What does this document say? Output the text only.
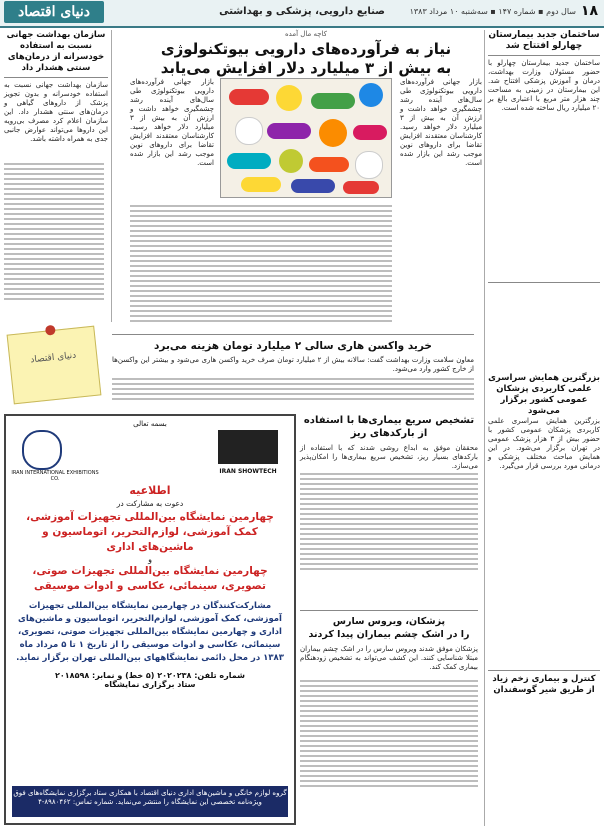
۱۸
سال دوم ▪ شماره ۱۴۷ ▪ سه‌شنبه ۱۰ مرداد ۱۳۸۳
صنایع دارویی، پزشکی و بهداشتی
دنیای اقتصاد
ساختمان جدید بیمارستان چهارلو افتتاح شد
ساختمان جدید بیمارستان چهارلو با حضور مسئولان وزارت بهداشت، درمان و آموزش پزشکی افتتاح شد. این بیمارستان در زمینی به مساحت چند هزار متر مربع با اعتباری بالغ بر ۲۰ میلیارد ریال ساخته شده است.
بزرگترین همایش سراسری علمی کاربردی پزشکان عمومی کشور برگزار می‌شود
بزرگترین همایش سراسری علمی کاربردی پزشکان عمومی کشور با حضور بیش از ۳ هزار پزشک عمومی در تهران برگزار می‌شود. در این همایش مباحث مختلف پزشکی و درمانی مورد بررسی قرار می‌گیرد.
کنترل و بیماری زخم زیاد از طریق شیر گوسفندان
کاچه مال آمده
نیاز به فرآورده‌های دارویی بیوتکنولوژی
به بیش از ۳ میلیارد دلار افزایش می‌یابد
بازار جهانی فرآورده‌های دارویی بیوتکنولوژی طی سال‌های آینده رشد چشمگیری خواهد داشت و ارزش آن به بیش از ۳ میلیارد دلار خواهد رسید. کارشناسان معتقدند افزایش تقاضا برای داروهای نوین موجب رشد این بازار شده است.
بازار جهانی فرآورده‌های دارویی بیوتکنولوژی طی سال‌های آینده رشد چشمگیری خواهد داشت و ارزش آن به بیش از ۳ میلیارد دلار خواهد رسید. کارشناسان معتقدند افزایش تقاضا برای داروهای نوین موجب رشد این بازار شده است.
سازمان بهداشت جهانی نسبت به استفاده خودسرانه از درمان‌های سنتی هشدار داد
سازمان بهداشت جهانی نسبت به استفاده خودسرانه و بدون تجویز پزشک از داروهای گیاهی و درمان‌های سنتی هشدار داد. این سازمان اعلام کرد مصرف بی‌رویه این داروها می‌تواند عوارض جانبی جدی به همراه داشته باشد.
دنیای اقتصاد
خرید واکسن هاری سالی ۲ میلیارد تومان هزینه می‌برد
معاون سلامت وزارت بهداشت گفت: سالانه بیش از ۲ میلیارد تومان صرف خرید واکسن هاری می‌شود و بیشتر این واکسن‌ها از خارج کشور وارد می‌شود.
تشخیص سریع بیماری‌ها با استفاده از بارکدهای ریز
محققان موفق به ابداع روشی شدند که با استفاده از بارکدهای بسیار ریز، تشخیص سریع بیماری‌ها را امکان‌پذیر می‌سازد.
پزشکان، ویروس سارس
را در اشک چشم بیماران پیدا کردند
پزشکان موفق شدند ویروس سارس را در اشک چشم بیماران مبتلا شناسایی کنند. این کشف می‌تواند به تشخیص زودهنگام بیماری کمک کند.
بسمه تعالی
IRAN INTERNATIONAL EXHIBITIONS CO.
IRAN SHOWTECH
اطلاعیه
دعوت به مشارکت در
چهارمین نمایشگاه بین‌المللی تجهیزات آموزشی، کمک آموزشی، لوازم‌التحریر، اتوماسیون و ماشین‌های اداری
و
چهارمین نمایشگاه بین‌المللی تجهیزات صوتی، تصویری، سینمائی، عکاسی و ادوات موسیقی
مشارکت‌کنندگان در چهارمین نمایشگاه بین‌المللی تجهیزات آموزشی، کمک آموزشی، لوازم‌التحریر، اتوماسیون و ماشین‌های اداری و چهارمین نمایشگاه بین‌المللی تجهیزات صوتی، تصویری، سینمائی، عکاسی و ادوات موسیقی را از تاریخ ۱ تا ۵ مرداد ماه ۱۳۸۳ در محل دائمی نمایشگاههای بین‌المللی تهران برگزار نماید.
شماره تلفن: ۲۰۲۰۲۳۸ (۵ خط) و نمابر: ۲۰۱۸۵۹۸
ستاد برگزاری نمایشگاه
گروه لوازم خانگی و ماشین‌های اداری دنیای اقتصاد با همکاری ستاد برگزاری نمایشگاه‌های فوق ویژه‌نامه تخصصی این نمایشگاه را منتشر می‌نماید. شماره تماس: ۸۹۸۰۴۶۲-۴
